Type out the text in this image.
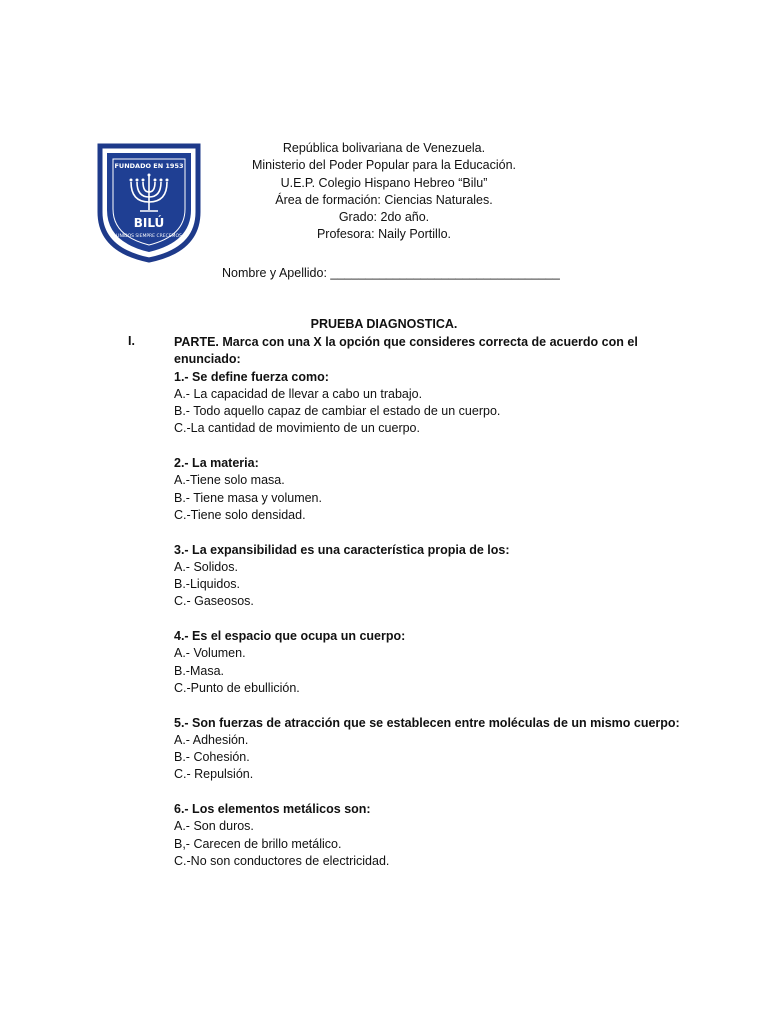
FUNDADO EN 1953
BILÚ
UNIDOS SIEMPRE CRECEMOS
República bolivariana de Venezuela.
Ministerio del Poder Popular para la Educación.
U.E.P. Colegio Hispano Hebreo “Bilu”
Área de formación: Ciencias Naturales.
Grado: 2do año.
Profesora: Naily Portillo.
Nombre y Apellido: _________________________________
PRUEBA DIAGNOSTICA.
I.	PARTE. Marca con una X la opción que consideres correcta de acuerdo con el enunciado:
1.- Se define fuerza como:
A.- La capacidad de llevar a cabo un trabajo.
B.- Todo aquello capaz de cambiar el estado de un cuerpo.
C.-La cantidad de movimiento de un cuerpo.
2.- La materia:
A.-Tiene solo masa.
B.- Tiene masa y volumen.
C.-Tiene solo densidad.
3.- La expansibilidad es una característica propia de los:
A.- Solidos.
B.-Liquidos.
C.- Gaseosos.
4.- Es el espacio que ocupa un cuerpo:
A.- Volumen.
B.-Masa.
C.-Punto de ebullición.
5.- Son fuerzas de atracción que se establecen entre moléculas de un mismo cuerpo:
A.- Adhesión.
B.- Cohesión.
C.- Repulsión.
6.- Los elementos metálicos son:
A.- Son duros.
B,- Carecen de brillo metálico.
C.-No son conductores de electricidad.
